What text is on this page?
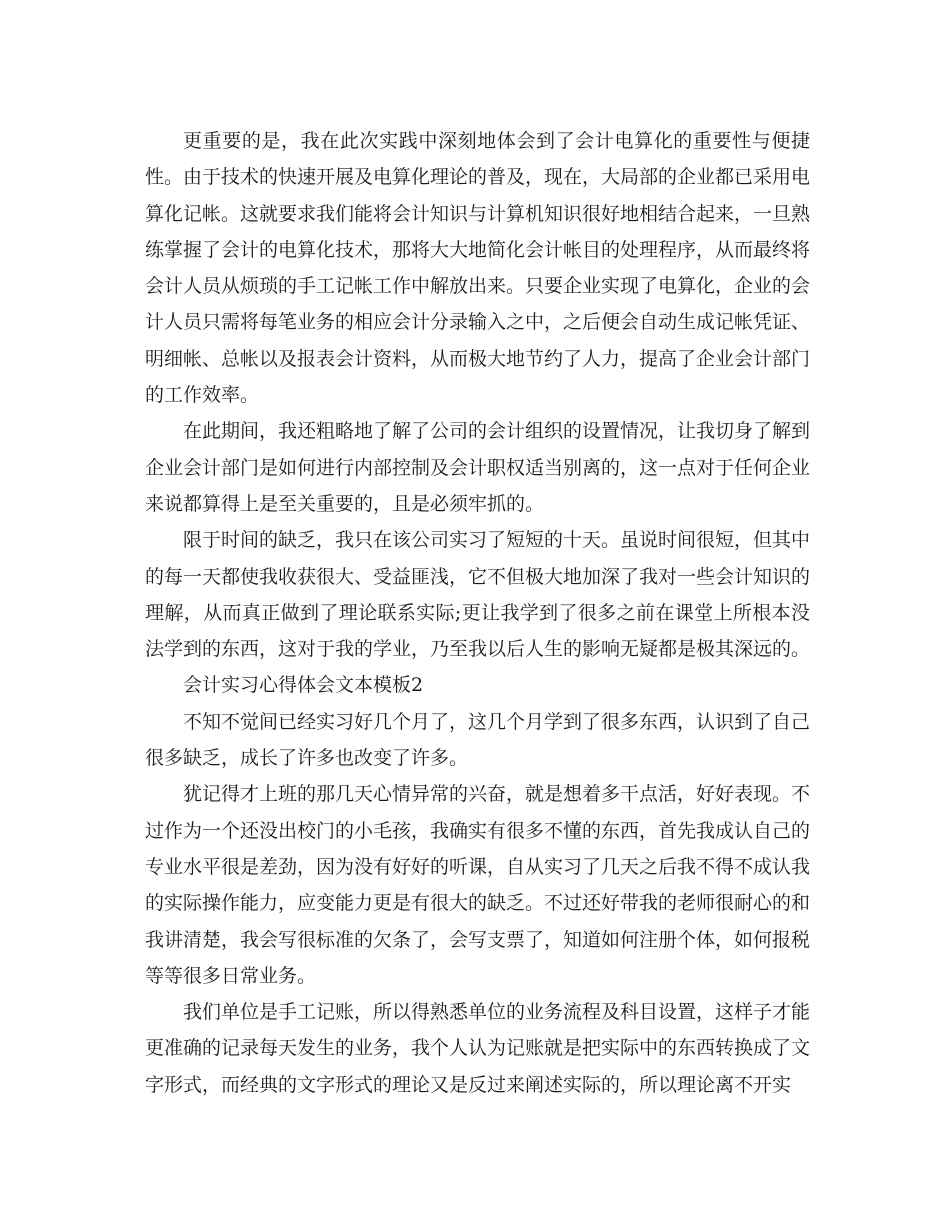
更重要的是，我在此次实践中深刻地体会到了会计电算化的重要性与便捷性。由于技术的快速开展及电算化理论的普及，现在，大局部的企业都已采用电算化记帐。这就要求我们能将会计知识与计算机知识很好地相结合起来，一旦熟练掌握了会计的电算化技术，那将大大地简化会计帐目的处理程序，从而最终将会计人员从烦琐的手工记帐工作中解放出来。只要企业实现了电算化，企业的会计人员只需将每笔业务的相应会计分录输入之中，之后便会自动生成记帐凭证、明细帐、总帐以及报表会计资料，从而极大地节约了人力，提高了企业会计部门的工作效率。

在此期间，我还粗略地了解了公司的会计组织的设置情况，让我切身了解到企业会计部门是如何进行内部控制及会计职权适当别离的，这一点对于任何企业来说都算得上是至关重要的，且是必须牢抓的。

限于时间的缺乏，我只在该公司实习了短短的十天。虽说时间很短，但其中的每一天都使我收获很大、受益匪浅，它不但极大地加深了我对一些会计知识的理解，从而真正做到了理论联系实际;更让我学到了很多之前在课堂上所根本没法学到的东西，这对于我的学业，乃至我以后人生的影响无疑都是极其深远的。

会计实习心得体会文本模板2

不知不觉间已经实习好几个月了，这几个月学到了很多东西，认识到了自己很多缺乏，成长了许多也改变了许多。

犹记得才上班的那几天心情异常的兴奋，就是想着多干点活，好好表现。不过作为一个还没出校门的小毛孩，我确实有很多不懂的东西，首先我成认自己的专业水平很是差劲，因为没有好好的听课，自从实习了几天之后我不得不成认我的实际操作能力，应变能力更是有很大的缺乏。不过还好带我的老师很耐心的和我讲清楚，我会写很标准的欠条了，会写支票了，知道如何注册个体，如何报税等等很多日常业务。

我们单位是手工记账，所以得熟悉单位的业务流程及科目设置，这样子才能更准确的记录每天发生的业务，我个人认为记账就是把实际中的东西转换成了文字形式，而经典的文字形式的理论又是反过来阐述实际的，所以理论离不开实
